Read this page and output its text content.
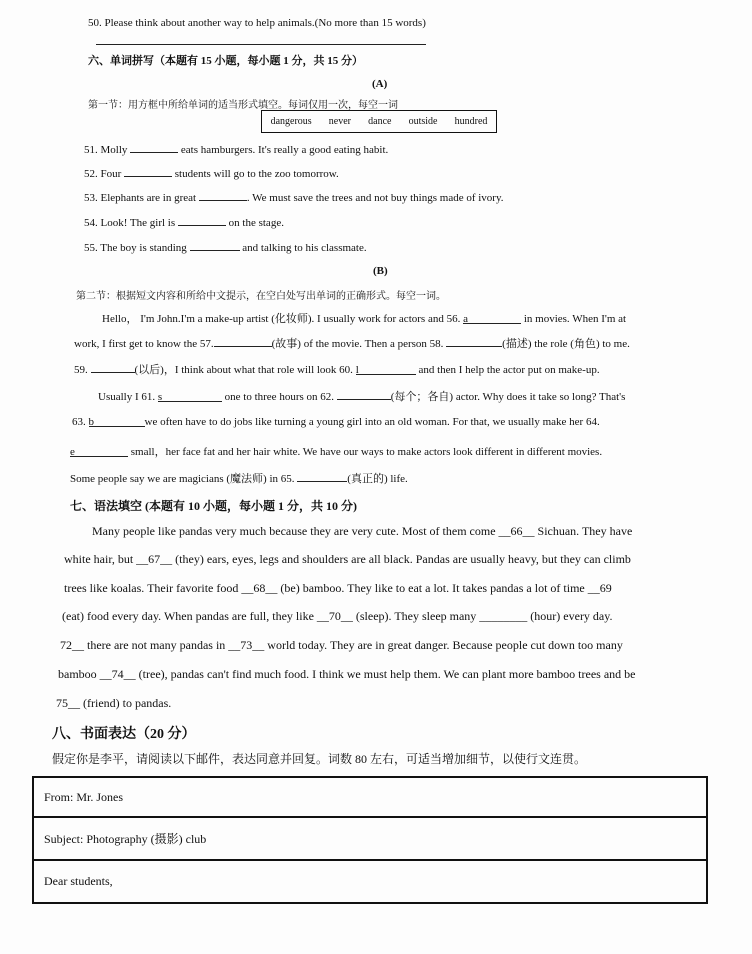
50. Please think about another way to help animals.(No more than 15 words)
六、单词拼写（本题有 15 小题，每小题 1 分，共 15 分）
(A)
第一节：用方框中所给单词的适当形式填空。每词仅用一次，每空一词
dangerous never dance outside hundred
51. Molly	eats hamburgers. It's really a good eating habit.
52. Four	students will go to the zoo tomorrow.
53. Elephants are in great	. We must save the trees and not buy things made of ivory.
54. Look! The girl is	on the stage.
55. The boy is standing	and talking to his classmate.
(B)
第二节：根据短文内容和所给中文提示，在空白处写出单词的正确形式。每空一词。
Hello， I'm John.I'm a make-up artist (化妆师). I usually work for actors and 56. a	in movies. When I'm at
work, I first get to know the 57.	(故事) of the movie. Then a person 58.	(描述) the role (角色) to me.
59.	(以后)，I think about what that role will look 60. l	and then I help the actor put on make-up.
Usually I 61. s	one to three hours on 62.	(每个；各自) actor. Why does it take so long? That's
63. b	we often have to do jobs like turning a young girl into an old woman. For that, we usually make her 64.
e	small，her face fat and her hair white. We have our ways to make actors look different in different movies.
Some people say we are magicians (魔法师) in 65.	(真正的) life.
七、语法填空 (本题有 10 小题，每小题 1 分，共 10 分)
Many people like pandas very much because they are very cute. Most of them come __66__ Sichuan. They have
white hair, but __67__ (they) ears, eyes, legs and shoulders are all black. Pandas are usually heavy, but they can climb
trees like koalas. Their favorite food __68__ (be) bamboo. They like to eat a lot. It takes pandas a lot of time __69
(eat) food every day. When pandas are full, they like __70__ (sleep). They sleep many ________ (hour) every day.
72__ there are not many pandas in __73__ world today. They are in great danger. Because people cut down too many
bamboo __74__ (tree), pandas can't find much food. I think we must help them. We can plant more bamboo trees and be
75__ (friend) to pandas.
八、书面表达（20 分）
假定你是李平，请阅读以下邮件，表达同意并回复。词数 80 左右，可适当增加细节，以使行文连贯。
From: Mr. Jones
Subject: Photography (摄影) club
Dear students,
